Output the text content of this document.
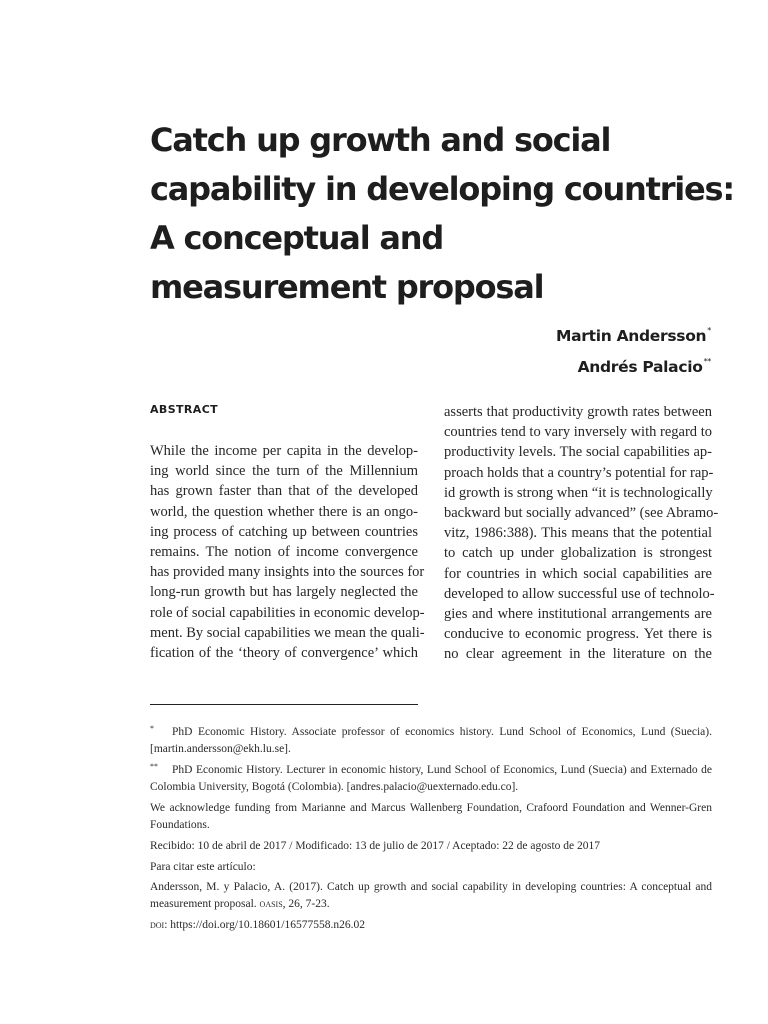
Catch up growth and social
capability in developing countries:
A conceptual and
measurement proposal
Martin Andersson*
Andrés Palacio**
ABSTRACT
While the income per capita in the develop-
ing world since the turn of the Millennium
has grown faster than that of the developed
world, the question whether there is an ongo-
ing process of catching up between countries
remains. The notion of income convergence
has provided many insights into the sources for
long-run growth but has largely neglected the
role of social capabilities in economic develop-
ment. By social capabilities we mean the quali-
fication of the ‘theory of convergence’ which
asserts that productivity growth rates between
countries tend to vary inversely with regard to
productivity levels. The social capabilities ap-
proach holds that a country’s potential for rap-
id growth is strong when “it is technologically
backward but socially advanced” (see Abramo-
vitz, 1986:388). This means that the potential
to catch up under globalization is strongest
for countries in which social capabilities are
developed to allow successful use of technolo-
gies and where institutional arrangements are
conducive to economic progress. Yet there is
no clear agreement in the literature on the

* PhD Economic History. Associate professor of economics history. Lund School of Economics, Lund (Suecia). [martin.andersson@ekh.lu.se].

** PhD Economic History. Lecturer in economic history, Lund School of Economics, Lund (Suecia) and Externado de Colombia University, Bogotá (Colombia). [andres.palacio@uexternado.edu.co].

We acknowledge funding from Marianne and Marcus Wallenberg Foundation, Crafoord Foundation and Wenner-Gren Foundations.

Recibido: 10 de abril de 2017 / Modificado: 13 de julio de 2017 / Aceptado: 22 de agosto de 2017

Para citar este artículo:

Andersson, M. y Palacio, A. (2017). Catch up growth and social capability in developing countries: A conceptual and measurement proposal. oasis, 26, 7-23.

doi: https://doi.org/10.18601/16577558.n26.02
